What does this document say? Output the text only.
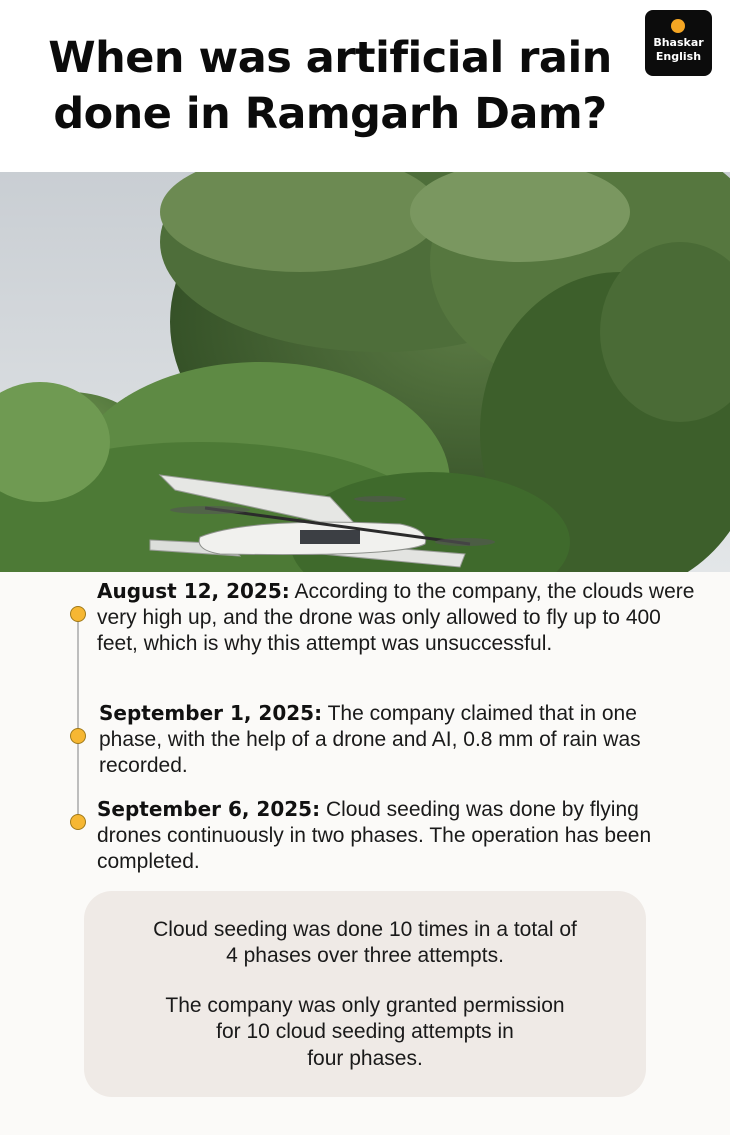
When was artificial rain done in Ramgarh Dam?
Bhaskar
English
August 12, 2025: According to the company, the clouds were very high up, and the drone was only allowed to fly up to 400 feet, which is why this attempt was unsuccessful.
September 1, 2025: The company claimed that in one phase, with the help of a drone and AI, 0.8 mm of rain was recorded.
September 6, 2025: Cloud seeding was done by flying drones continuously in two phases. The operation has been completed.
Cloud seeding was done 10 times in a total of
4 phases over three attempts.
The company was only granted permission
for 10 cloud seeding attempts in
four phases.
